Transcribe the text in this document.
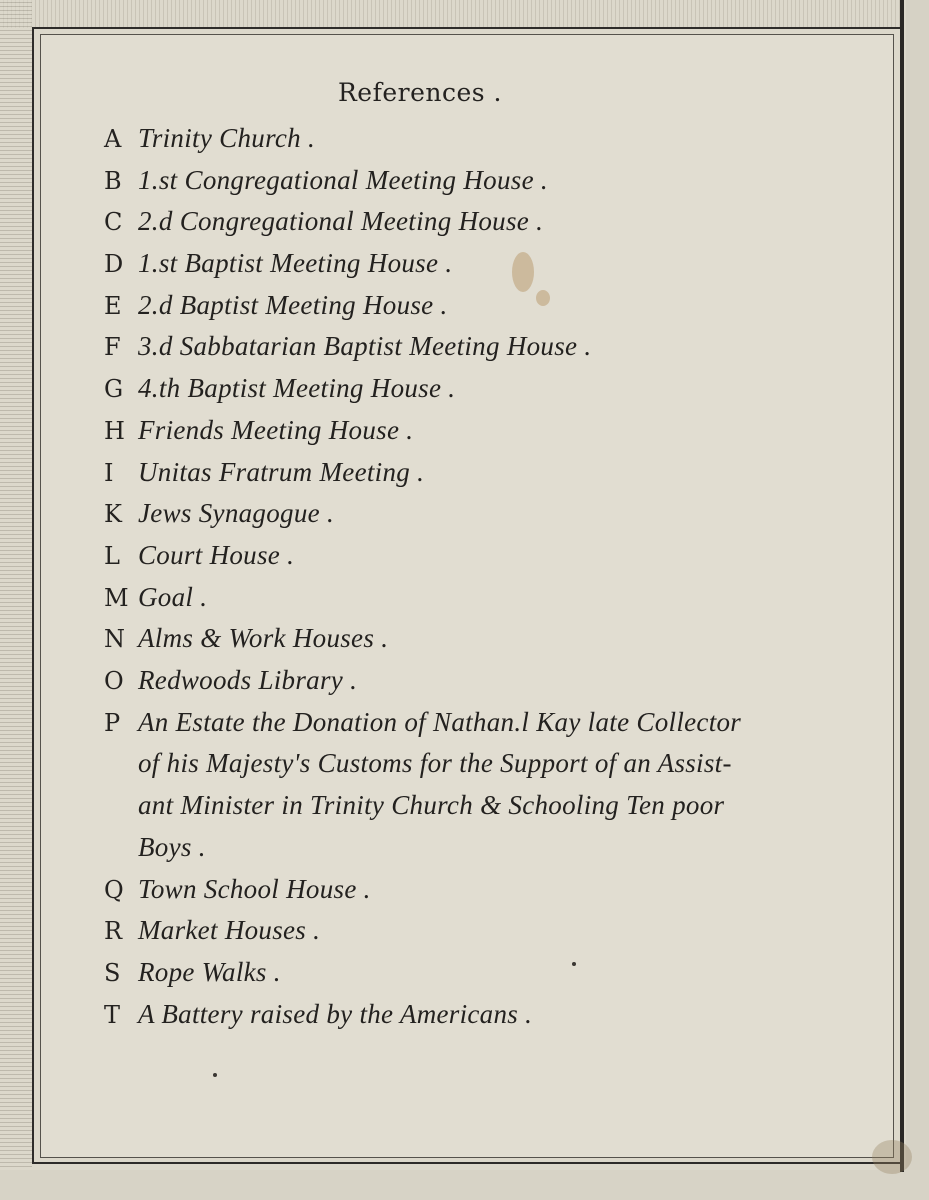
References .
A Trinity Church .
B 1.st Congregational Meeting House .
C 2.d Congregational Meeting House .
D 1.st Baptist Meeting House .
E 2.d Baptist Meeting House .
F 3.d Sabbatarian Baptist Meeting House .
G 4.th Baptist Meeting House .
H Friends Meeting House .
I Unitas Fratrum Meeting .
K Jews Synagogue .
L Court House .
M Goal .
N Alms & Work Houses .
O Redwoods Library .
P An Estate the Donation of Nathan.l Kay late Collector
of his Majesty's Customs for the Support of an Assist-
ant Minister in Trinity Church & Schooling Ten poor
Boys .
Q Town School House .
R Market Houses .
S Rope Walks .
T A Battery raised by the Americans .
